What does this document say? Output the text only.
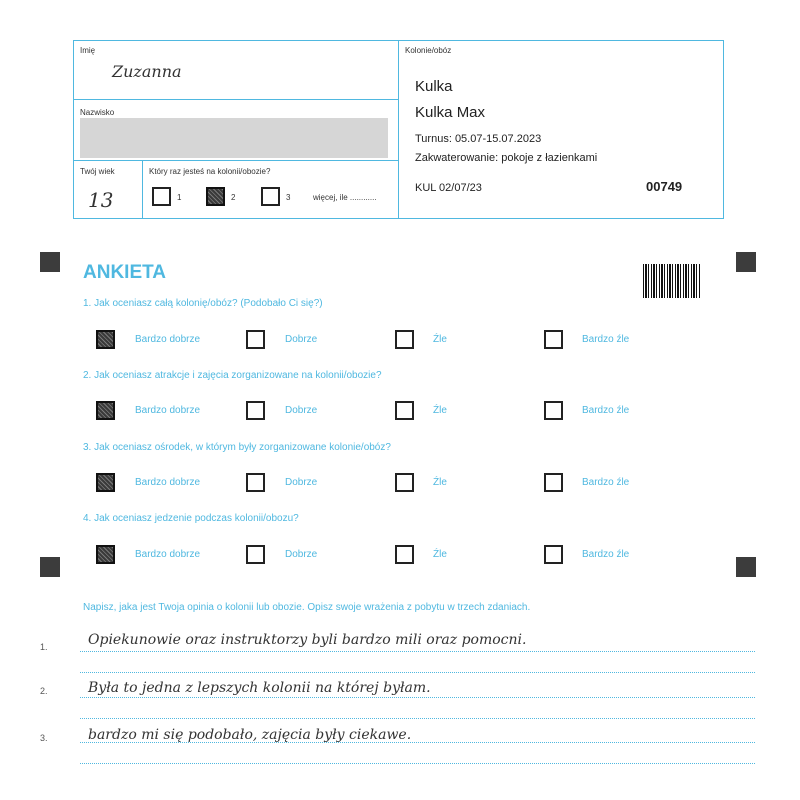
Imię
Zuzanna
Nazwisko
Twój wiek
13
Który raz jesteś na kolonii/obozie?
1	2	3	więcej, ile ............
Kolonie/obóz
Kulka
Kulka Max
Turnus: 05.07-15.07.2023
Zakwaterowanie: pokoje z łazienkami
KUL 02/07/23	00749
ANKIETA
1. Jak oceniasz całą kolonię/obóz? (Podobało Ci się?)
Bardzo dobrze	Dobrze	Źle	Bardzo źle
2. Jak oceniasz atrakcje i zajęcia zorganizowane na kolonii/obozie?
Bardzo dobrze	Dobrze	Źle	Bardzo źle
3. Jak oceniasz ośrodek, w którym były zorganizowane kolonie/obóz?
Bardzo dobrze	Dobrze	Źle	Bardzo źle
4. Jak oceniasz jedzenie podczas kolonii/obozu?
Bardzo dobrze	Dobrze	Źle	Bardzo źle
Napisz, jaka jest Twoja opinia o kolonii lub obozie. Opisz swoje wrażenia z pobytu w trzech zdaniach.
1.	Opiekunowie oraz instruktorzy byli bardzo mili oraz pomocni.
2.	Była to jedna z lepszych kolonii na której byłam.
3.	bardzo mi się podobało, zajęcia były ciekawe.
